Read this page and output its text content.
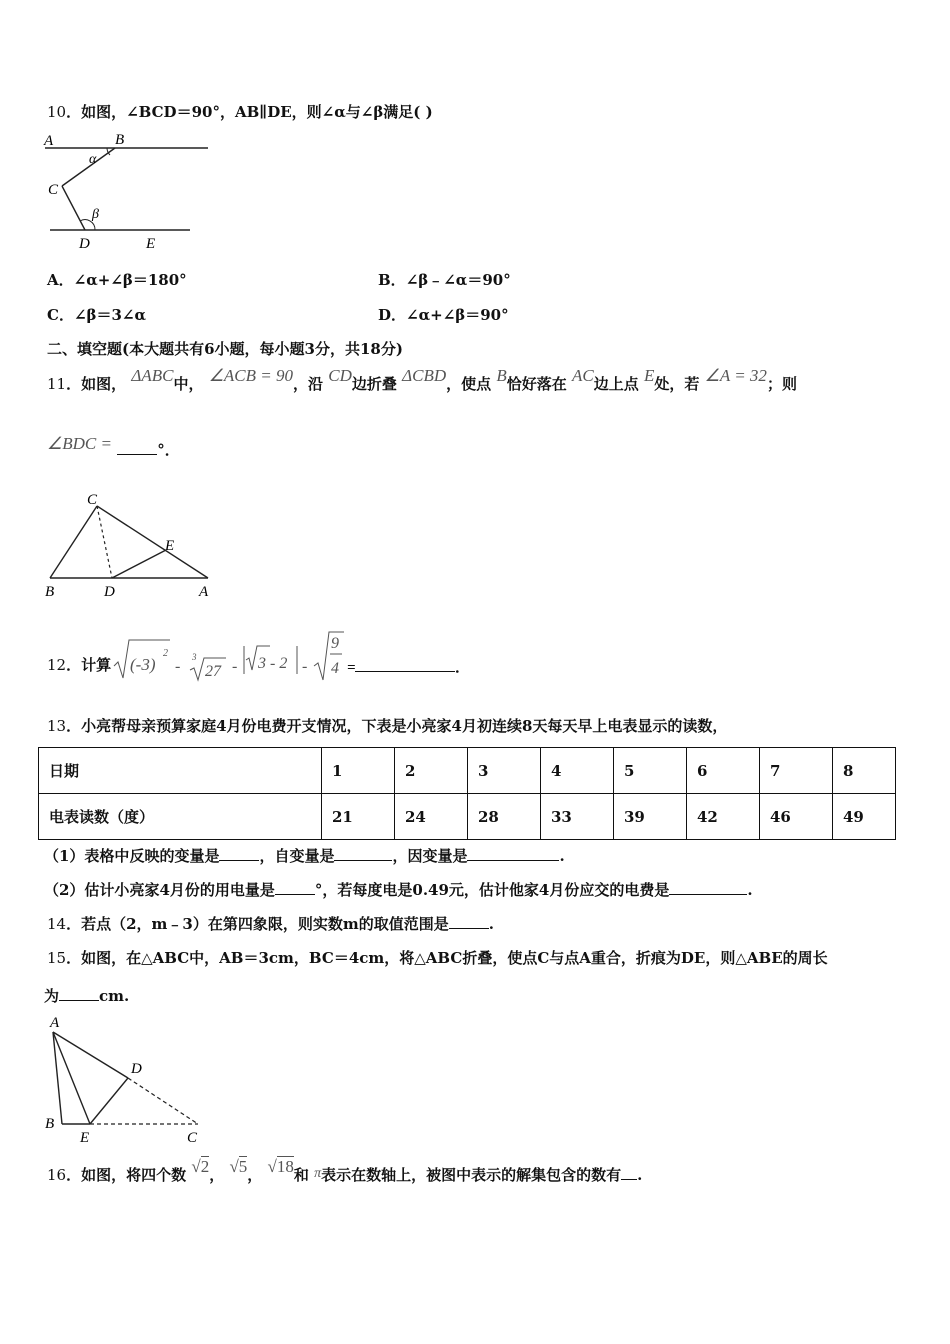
10．如图，∠BCD＝90°，AB∥DE，则∠α与∠β满足( )
A	B
C
D	E
α
β
A．∠α+∠β＝180°	B．∠β﹣∠α＝90°
C．∠β＝3∠α	D．∠α+∠β＝90°
二、填空题(本大题共有6小题，每小题3分，共18分)
11．如图， ΔABC中， ∠ACB = 90，沿 CD边折叠 ΔCBD，使点 B恰好落在 AC边上点 E处，若 ∠A = 32；则
∠BDC =	°．
C
E
B	D	A
12．计算 (-3)
2
-
3
27 - 3 - 2 -
9
4 =	．
13．小亮帮母亲预算家庭4月份电费开支情况，下表是小亮家4月初连续8天每天早上电表显示的读数，
日期	1	2	3	4	5	6	7	8
电表读数（度）	21	24	28	33	39	42	46	49
（1）表格中反映的变量是	，自变量是	，因变量是	.
（2）估计小亮家4月份的用电量是	°，若每度电是0.49元，估计他家4月份应交的电费是	.
14．若点（2，m﹣3）在第四象限，则实数m的取值范围是	.
15．如图，在△ABC中，AB＝3cm，BC＝4cm，将△ABC折叠，使点C与点A重合，折痕为DE，则△ABE的周长
为	cm.
A
D
B
E	C
16．如图，将四个数 √2， √5， √18和 π表示在数轴上，被图中表示的解集包含的数有 .
